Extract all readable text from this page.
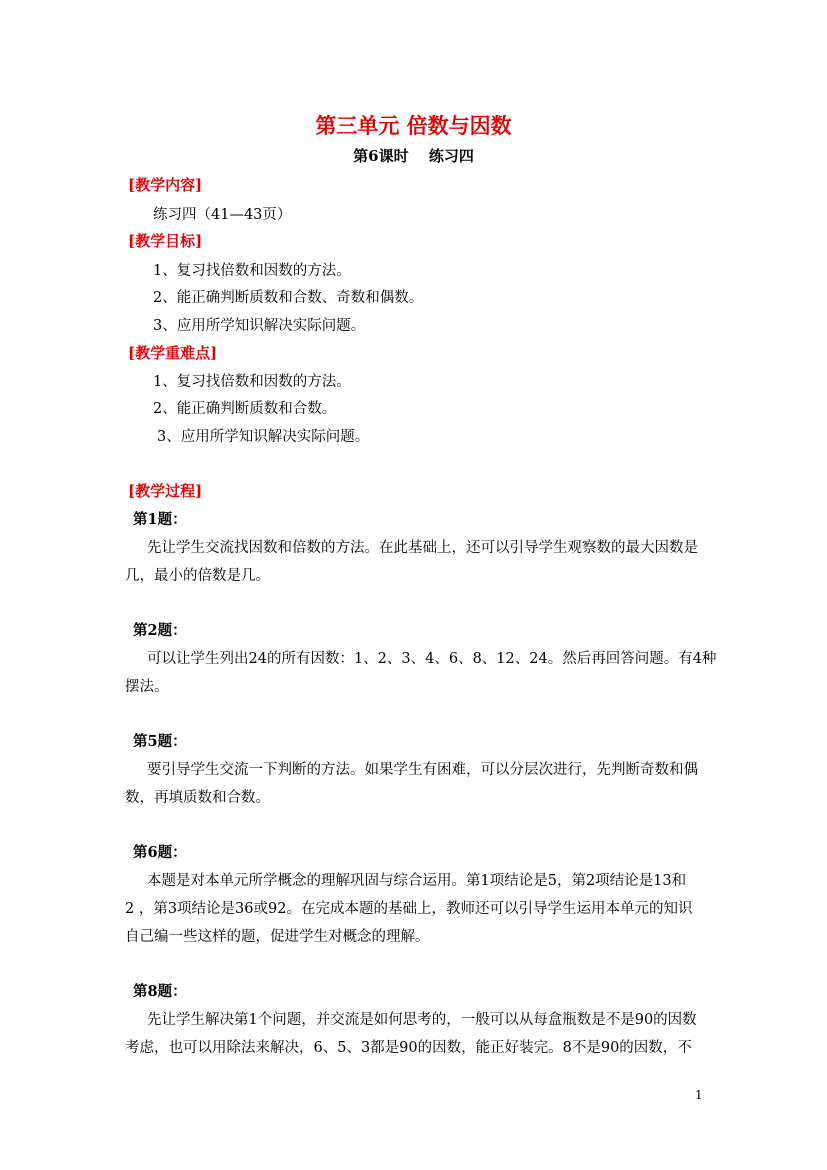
第三单元 倍数与因数
第6课时　 练习四
[教学内容]
练习四（41—43页）
[教学目标]
1、复习找倍数和因数的方法。
2、能正确判断质数和合数、奇数和偶数。
3、应用所学知识解决实际问题。
[教学重难点]
1、复习找倍数和因数的方法。
2、能正确判断质数和合数。
3、应用所学知识解决实际问题。
[教学过程]
第1题：
先让学生交流找因数和倍数的方法。在此基础上，还可以引导学生观察数的最大因数是
几，最小的倍数是几。
第2题：
可以让学生列出24的所有因数：1、2、3、4、6、8、12、24。然后再回答问题。有4种
摆法。
第5题：
要引导学生交流一下判断的方法。如果学生有困难，可以分层次进行，先判断奇数和偶
数，再填质数和合数。
第6题：
本题是对本单元所学概念的理解巩固与综合运用。第1项结论是5，第2项结论是13和
2 ，第3项结论是36或92。在完成本题的基础上，教师还可以引导学生运用本单元的知识
自己编一些这样的题，促进学生对概念的理解。
第8题：
先让学生解决第1个问题，并交流是如何思考的，一般可以从每盒瓶数是不是90的因数
考虑，也可以用除法来解决，6、5、3都是90的因数，能正好装完。8不是90的因数，不
1
